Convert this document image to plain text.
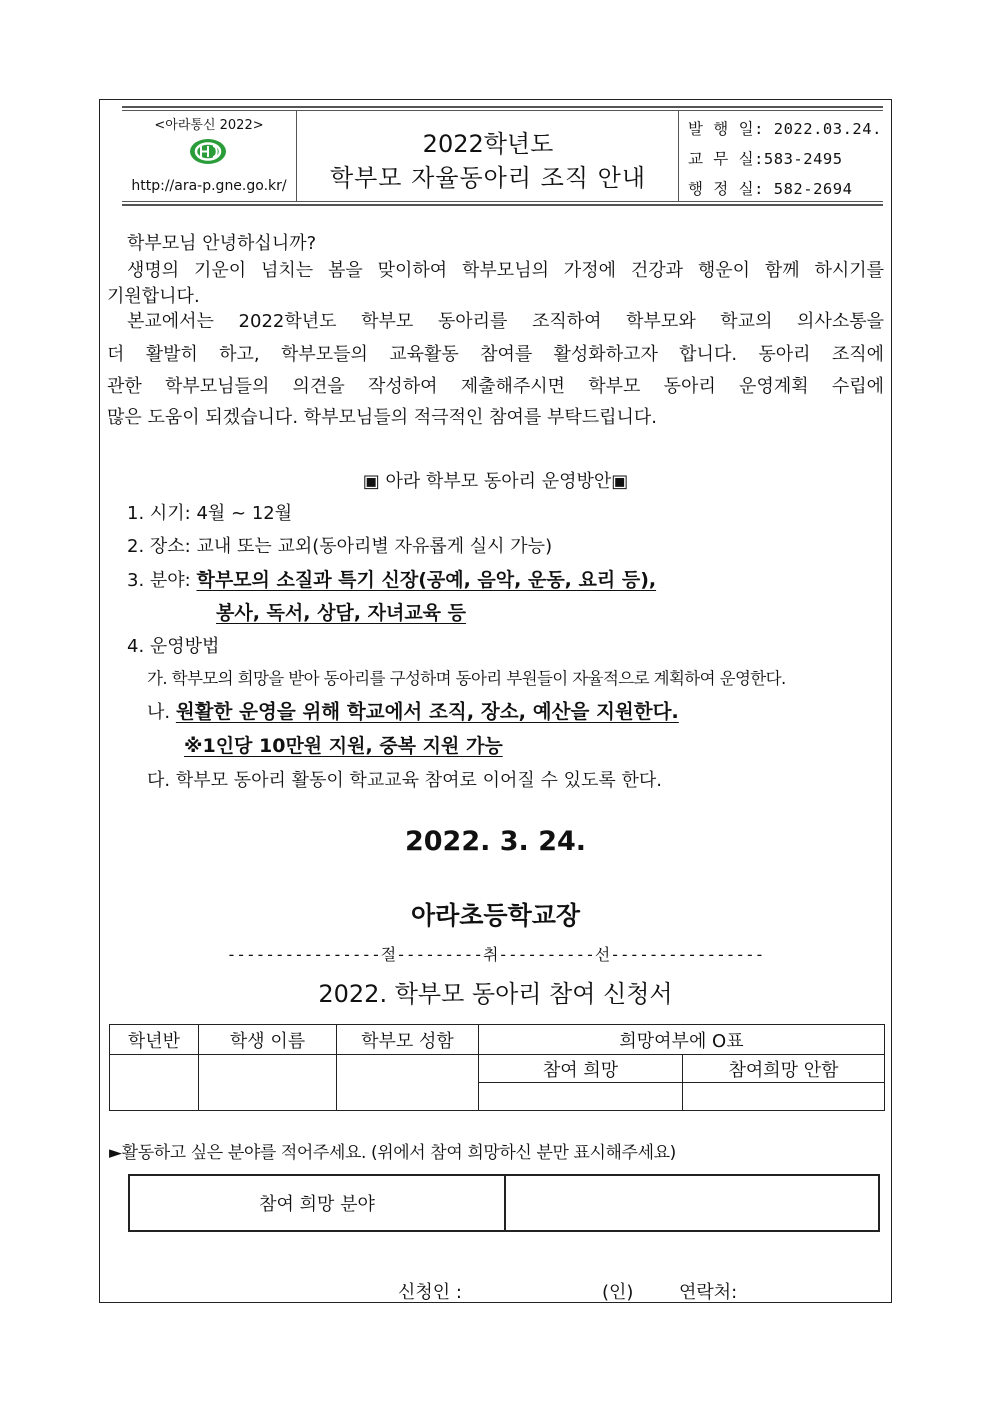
<아라통신 2022>
http://ara-p.gne.go.kr/
2022학년도
학부모 자율동아리 조직 안내
발 행 일: 2022.03.24.
교 무 실:583-2495
행 정 실: 582-2694
학부모님 안녕하십니까?
생명의 기운이 넘치는 봄을 맞이하여 학부모님의 가정에 건강과 행운이 함께 하시기를
기원합니다.
본교에서는 2022학년도 학부모 동아리를 조직하여 학부모와 학교의 의사소통을
더 활발히 하고, 학부모들의 교육활동 참여를 활성화하고자 합니다. 동아리 조직에
관한 학부모님들의 의견을 작성하여 제출해주시면 학부모 동아리 운영계획 수립에
많은 도움이 되겠습니다. 학부모님들의 적극적인 참여를 부탁드립니다.
▣ 아라 학부모 동아리 운영방안▣
1. 시기: 4월 ~ 12월
2. 장소: 교내 또는 교외(동아리별 자유롭게 실시 가능)
3. 분야: 학부모의 소질과 특기 신장(공예, 음악, 운동, 요리 등),
봉사, 독서, 상담, 자녀교육 등
4. 운영방법
가. 학부모의 희망을 받아 동아리를 구성하며 동아리 부원들이 자율적으로 계획하여 운영한다.
나. 원활한 운영을 위해 학교에서 조직, 장소, 예산을 지원한다.
※1인당 10만원 지원, 중복 지원 가능
다. 학부모 동아리 활동이 학교교육 참여로 이어질 수 있도록 한다.
2022. 3. 24.
아라초등학교장
----------------절---------취----------선----------------
2022. 학부모 동아리 참여 신청서
학년반	학생 이름	학부모 성함	희망여부에 O표	
			참여 희망	참여희망 안함

►활동하고 싶은 분야를 적어주세요. (위에서 참여 희망하신 분만 표시해주세요)
참여 희망 분야	
신청인 :	(인)	연락처:
